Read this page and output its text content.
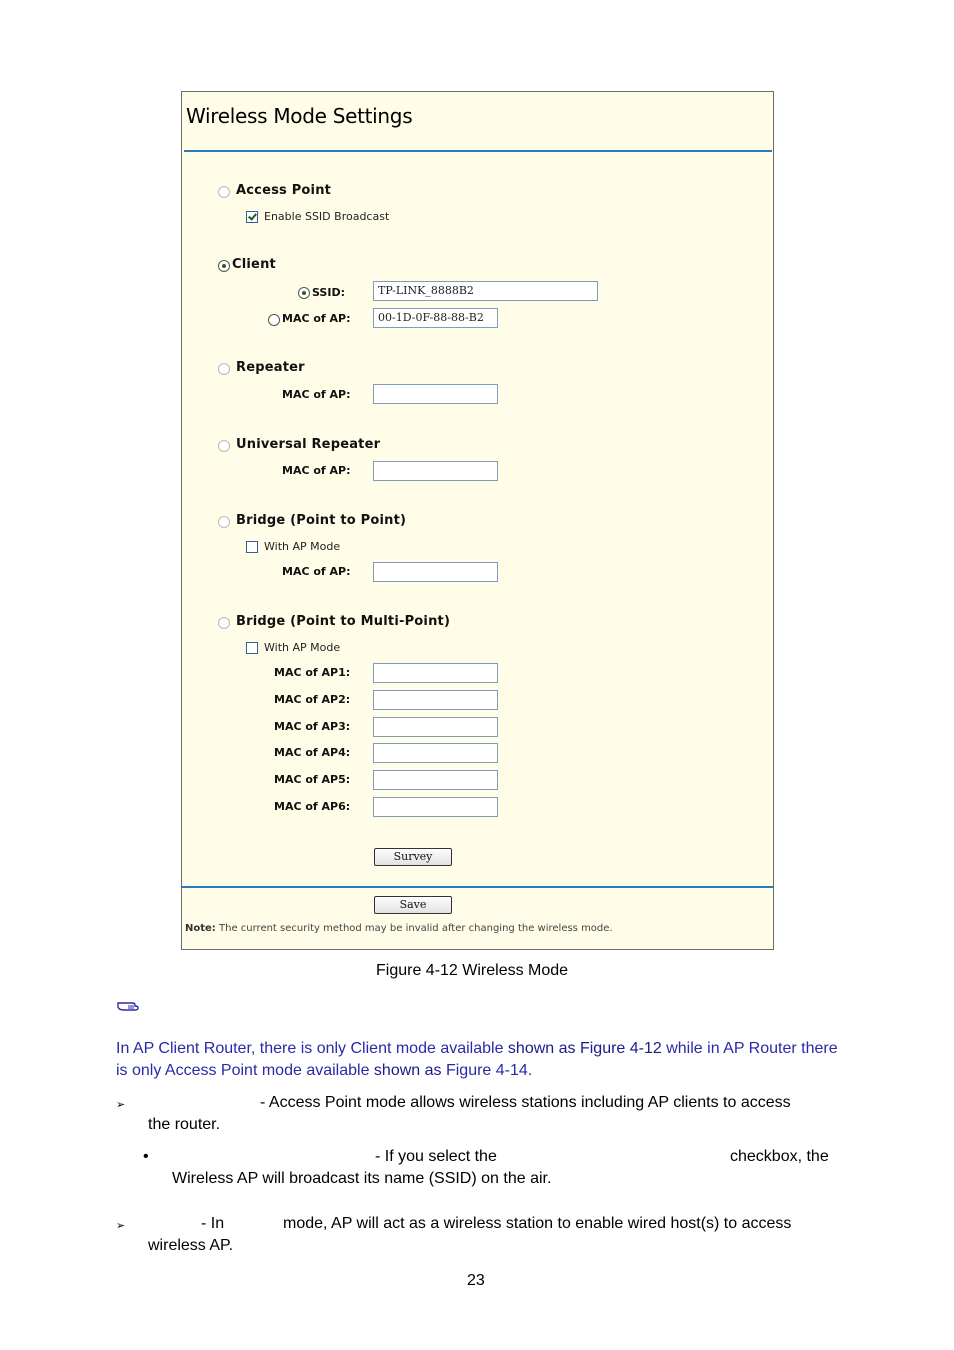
Wireless Mode Settings
Access Point
Enable SSID Broadcast
Client
SSID:	TP-LINK_8888B2
MAC of AP:	00-1D-0F-88-88-B2
Repeater
MAC of AP:
Universal Repeater
MAC of AP:
Bridge (Point to Point)
With AP Mode
MAC of AP:
Bridge (Point to Multi-Point)
With AP Mode
MAC of AP1:
MAC of AP2:
MAC of AP3:
MAC of AP4:
MAC of AP5:
MAC of AP6:
Survey
Save
Note: The current security method may be invalid after changing the wireless mode.
Figure 4-12 Wireless Mode
In AP Client Router, there is only Client mode available shown as Figure 4-12 while in AP Router there is only Access Point mode available shown as Figure 4-14.
➢	- Access Point mode allows wireless stations including AP clients to access
the router.
•	- If you select the	checkbox, the
Wireless AP will broadcast its name (SSID) on the air.
➢	- In	mode, AP will act as a wireless station to enable wired host(s) to access
wireless AP.
23
